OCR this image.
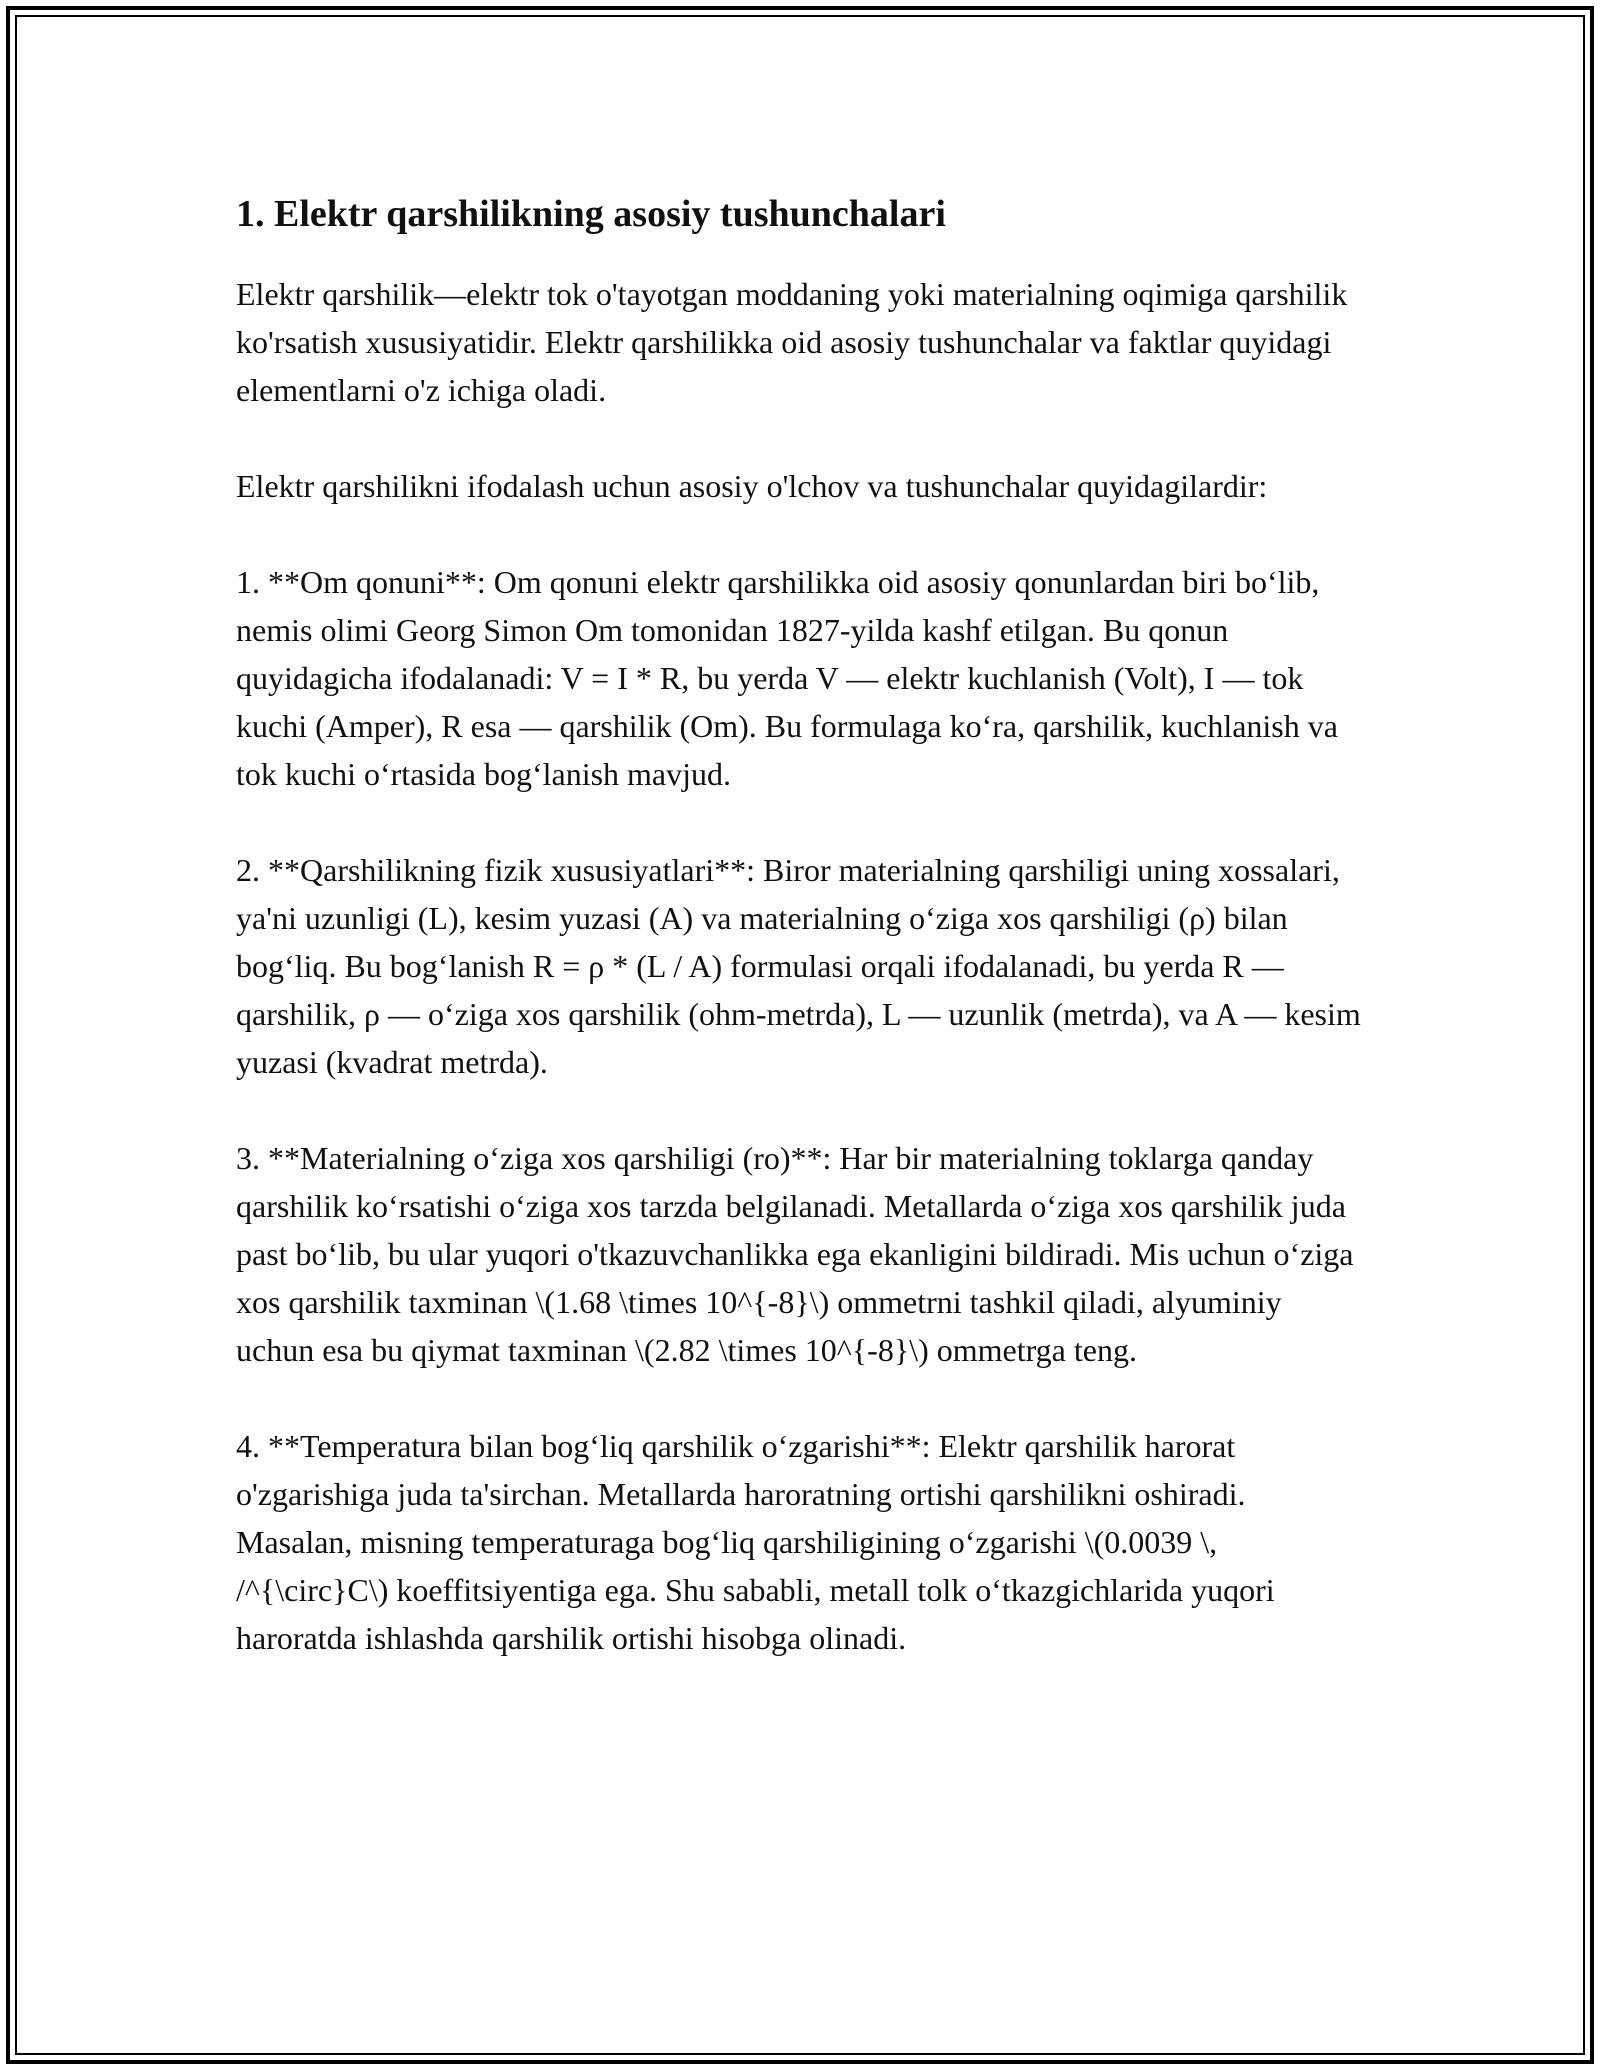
1. Elektr qarshilikning asosiy tushunchalari

Elektr qarshilik—elektr tok o'tayotgan moddaning yoki materialning oqimiga qarshilik ko'rsatish xususiyatidir. Elektr qarshilikka oid asosiy tushunchalar va faktlar quyidagi elementlarni o'z ichiga oladi.

Elektr qarshilikni ifodalash uchun asosiy o'lchov va tushunchalar quyidagilardir:

1. **Om qonuni**: Om qonuni elektr qarshilikka oid asosiy qonunlardan biri boʻlib, nemis olimi Georg Simon Om tomonidan 1827-yilda kashf etilgan. Bu qonun quyidagicha ifodalanadi: V = I * R, bu yerda V — elektr kuchlanish (Volt), I — tok kuchi (Amper), R esa — qarshilik (Om). Bu formulaga koʻra, qarshilik, kuchlanish va tok kuchi oʻrtasida bogʻlanish mavjud.

2. **Qarshilikning fizik xususiyatlari**: Biror materialning qarshiligi uning xossalari, ya'ni uzunligi (L), kesim yuzasi (A) va materialning oʻziga xos qarshiligi (ρ) bilan bogʻliq. Bu bogʻlanish R = ρ * (L / A) formulasi orqali ifodalanadi, bu yerda R — qarshilik, ρ — oʻziga xos qarshilik (ohm-metrda), L — uzunlik (metrda), va A — kesim yuzasi (kvadrat metrda).

3. **Materialning oʻziga xos qarshiligi (ro)**: Har bir materialning toklarga qanday qarshilik koʻrsatishi oʻziga xos tarzda belgilanadi. Metallarda oʻziga xos qarshilik juda past boʻlib, bu ular yuqori o'tkazuvchanlikka ega ekanligini bildiradi. Mis uchun oʻziga xos qarshilik taxminan \(1.68 \times 10^{-8}\) ommetrni tashkil qiladi, alyuminiy uchun esa bu qiymat taxminan \(2.82 \times 10^{-8}\) ommetrga teng.

4. **Temperatura bilan bogʻliq qarshilik oʻzgarishi**: Elektr qarshilik harorat o'zgarishiga juda ta'sirchan. Metallarda haroratning ortishi qarshilikni oshiradi. Masalan, misning temperaturaga bogʻliq qarshiligining oʻzgarishi \(0.0039 \, /^{\circ}C\) koeffitsiyentiga ega. Shu sababli, metall tolk oʻtkazgichlarida yuqori haroratda ishlashda qarshilik ortishi hisobga olinadi.
